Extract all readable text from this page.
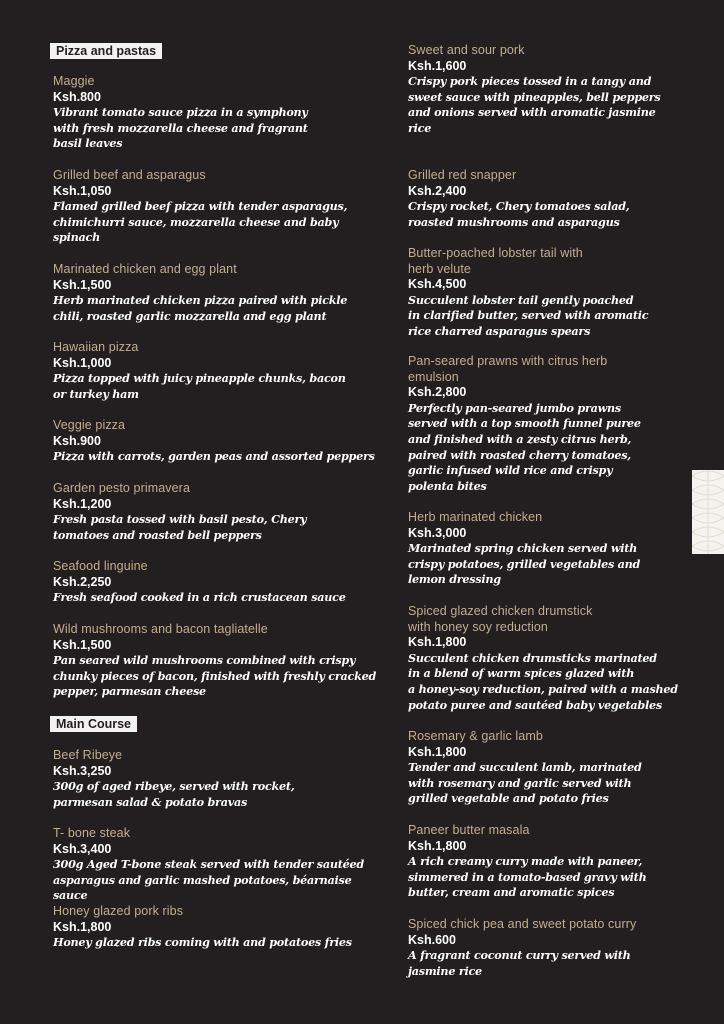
Pizza and pastas
Maggie
Ksh.800
Vibrant tomato sauce pizza in a symphony
with fresh mozzarella cheese and fragrant
basil leaves
Grilled beef and asparagus
Ksh.1,050
Flamed grilled beef pizza with tender asparagus,
chimichurri sauce, mozzarella cheese and baby
spinach
Marinated chicken and egg plant
Ksh.1,500
Herb marinated chicken pizza paired with pickle
chili, roasted garlic mozzarella and egg plant
Hawaiian pizza
Ksh.1,000
Pizza topped with juicy pineapple chunks, bacon
or turkey ham
Veggie pizza
Ksh.900
Pizza with carrots, garden peas and assorted peppers
Garden pesto primavera
Ksh.1,200
Fresh pasta tossed with basil pesto, Chery
tomatoes and roasted bell peppers
Seafood linguine
Ksh.2,250
Fresh seafood cooked in a rich crustacean sauce
Wild mushrooms and bacon tagliatelle
Ksh.1,500
Pan seared wild mushrooms combined with crispy
chunky pieces of bacon, finished with freshly cracked
pepper, parmesan cheese
Main Course
Beef Ribeye
Ksh.3,250
300g of aged ribeye, served with rocket,
parmesan salad & potato bravas
T- bone steak
Ksh.3,400
300g Aged T-bone steak served with tender sautéed
asparagus and garlic mashed potatoes, béarnaise sauce
Honey glazed pork ribs
Ksh.1,800
Honey glazed ribs coming with and potatoes fries
Sweet and sour pork
Ksh.1,600
Crispy pork pieces tossed in a tangy and
sweet sauce with pineapples, bell peppers
and onions served with aromatic jasmine
rice
Grilled red snapper
Ksh.2,400
Crispy rocket, Chery tomatoes salad,
roasted mushrooms and asparagus
Butter-poached lobster tail with
herb velute
Ksh.4,500
Succulent lobster tail gently poached
in clarified butter, served with aromatic
rice charred asparagus spears
Pan-seared prawns with citrus herb
emulsion
Ksh.2,800
Perfectly pan-seared jumbo prawns
served with a top smooth funnel puree
and finished with a zesty citrus herb,
paired with roasted cherry tomatoes,
garlic infused wild rice and crispy
polenta bites
Herb marinated chicken
Ksh.3,000
Marinated spring chicken served with
crispy potatoes, grilled vegetables and
lemon dressing
Spiced glazed chicken drumstick
with honey soy reduction
Ksh.1,800
Succulent chicken drumsticks marinated
in a blend of warm spices glazed with
a honey-soy reduction, paired with a mashed
potato puree and sautéed baby vegetables
Rosemary & garlic lamb
Ksh.1,800
Tender and succulent lamb, marinated
with rosemary and garlic served with
grilled vegetable and potato fries
Paneer butter masala
Ksh.1,800
A rich creamy curry made with paneer,
simmered in a tomato-based gravy with
butter, cream and aromatic spices
Spiced chick pea and sweet potato curry
Ksh.600
A fragrant coconut curry served with
jasmine rice
